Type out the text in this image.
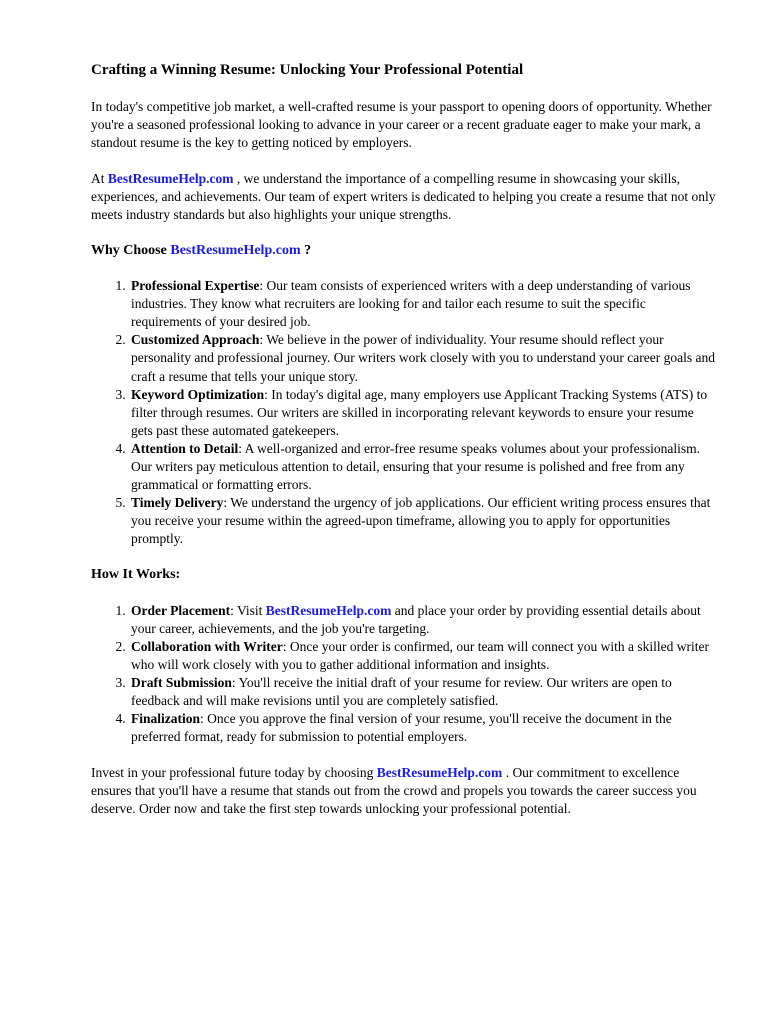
Crafting a Winning Resume: Unlocking Your Professional Potential

In today's competitive job market, a well-crafted resume is your passport to opening doors of opportunity. Whether you're a seasoned professional looking to advance in your career or a recent graduate eager to make your mark, a standout resume is the key to getting noticed by employers.

At BestResumeHelp.com , we understand the importance of a compelling resume in showcasing your skills, experiences, and achievements. Our team of expert writers is dedicated to helping you create a resume that not only meets industry standards but also highlights your unique strengths.

Why Choose BestResumeHelp.com ?
1. Professional Expertise: Our team consists of experienced writers with a deep understanding of various industries. They know what recruiters are looking for and tailor each resume to suit the specific requirements of your desired job.
2. Customized Approach: We believe in the power of individuality. Your resume should reflect your personality and professional journey. Our writers work closely with you to understand your career goals and craft a resume that tells your unique story.
3. Keyword Optimization: In today's digital age, many employers use Applicant Tracking Systems (ATS) to filter through resumes. Our writers are skilled in incorporating relevant keywords to ensure your resume gets past these automated gatekeepers.
4. Attention to Detail: A well-organized and error-free resume speaks volumes about your professionalism. Our writers pay meticulous attention to detail, ensuring that your resume is polished and free from any grammatical or formatting errors.
5. Timely Delivery: We understand the urgency of job applications. Our efficient writing process ensures that you receive your resume within the agreed-upon timeframe, allowing you to apply for opportunities promptly.
How It Works:
1. Order Placement: Visit BestResumeHelp.com and place your order by providing essential details about your career, achievements, and the job you're targeting.
2. Collaboration with Writer: Once your order is confirmed, our team will connect you with a skilled writer who will work closely with you to gather additional information and insights.
3. Draft Submission: You'll receive the initial draft of your resume for review. Our writers are open to feedback and will make revisions until you are completely satisfied.
4. Finalization: Once you approve the final version of your resume, you'll receive the document in the preferred format, ready for submission to potential employers.

Invest in your professional future today by choosing BestResumeHelp.com . Our commitment to excellence ensures that you'll have a resume that stands out from the crowd and propels you towards the career success you deserve. Order now and take the first step towards unlocking your professional potential.
